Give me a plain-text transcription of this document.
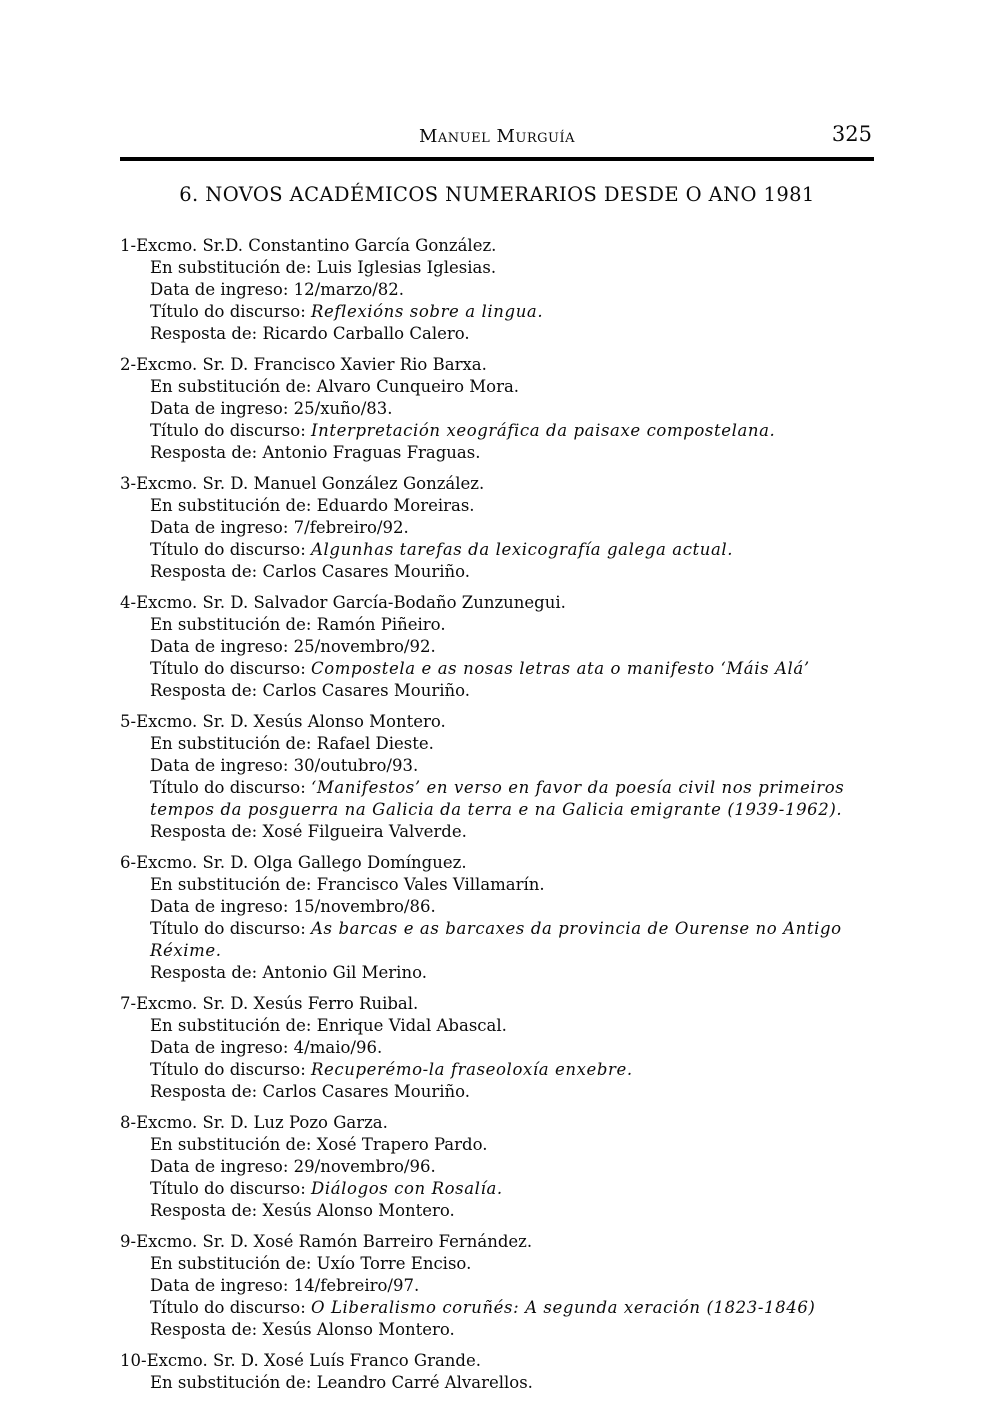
Manuel Murguía	325
6. NOVOS ACADÉMICOS NUMERARIOS DESDE O ANO 1981
1-Excmo. Sr.D. Constantino García González.
En substitución de: Luis Iglesias Iglesias.
Data de ingreso: 12/marzo/82.
Título do discurso: Reflexións sobre a lingua.
Resposta de: Ricardo Carballo Calero.
2-Excmo. Sr. D. Francisco Xavier Rio Barxa.
En substitución de: Alvaro Cunqueiro Mora.
Data de ingreso: 25/xuño/83.
Título do discurso: Interpretación xeográfica da paisaxe compostelana.
Resposta de: Antonio Fraguas Fraguas.
3-Excmo. Sr. D. Manuel González González.
En substitución de: Eduardo Moreiras.
Data de ingreso: 7/febreiro/92.
Título do discurso: Algunhas tarefas da lexicografía galega actual.
Resposta de: Carlos Casares Mouriño.
4-Excmo. Sr. D. Salvador García-Bodaño Zunzunegui.
En substitución de: Ramón Piñeiro.
Data de ingreso: 25/novembro/92.
Título do discurso: Compostela e as nosas letras ata o manifesto ‘Máis Alá’
Resposta de: Carlos Casares Mouriño.
5-Excmo. Sr. D. Xesús Alonso Montero.
En substitución de: Rafael Dieste.
Data de ingreso: 30/outubro/93.
Título do discurso: ‘Manifestos’ en verso en favor da poesía civil nos primeiros tempos da posguerra na Galicia da terra e na Galicia emigrante (1939-1962).
Resposta de: Xosé Filgueira Valverde.
6-Excmo. Sr. D. Olga Gallego Domínguez.
En substitución de: Francisco Vales Villamarín.
Data de ingreso: 15/novembro/86.
Título do discurso: As barcas e as barcaxes da provincia de Ourense no Antigo Réxime.
Resposta de: Antonio Gil Merino.
7-Excmo. Sr. D. Xesús Ferro Ruibal.
En substitución de: Enrique Vidal Abascal.
Data de ingreso: 4/maio/96.
Título do discurso: Recuperémo-la fraseoloxía enxebre.
Resposta de: Carlos Casares Mouriño.
8-Excmo. Sr. D. Luz Pozo Garza.
En substitución de: Xosé Trapero Pardo.
Data de ingreso: 29/novembro/96.
Título do discurso: Diálogos con Rosalía.
Resposta de: Xesús Alonso Montero.
9-Excmo. Sr. D. Xosé Ramón Barreiro Fernández.
En substitución de: Uxío Torre Enciso.
Data de ingreso: 14/febreiro/97.
Título do discurso: O Liberalismo coruñés: A segunda xeración (1823-1846)
Resposta de: Xesús Alonso Montero.
10-Excmo. Sr. D. Xosé Luís Franco Grande.
En substitución de: Leandro Carré Alvarellos.
